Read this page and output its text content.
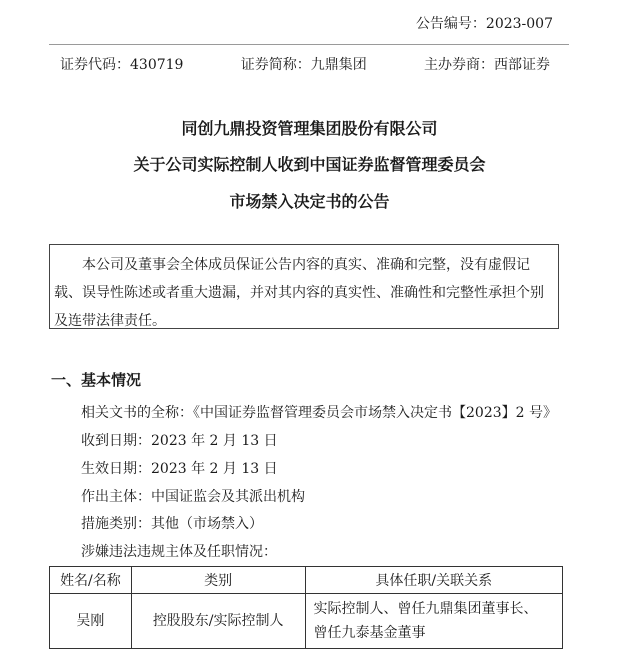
公告编号：2023-007
证券代码：430719	证券简称：九鼎集团	主办券商：西部证券
同创九鼎投资管理集团股份有限公司
关于公司实际控制人收到中国证券监督管理委员会
市场禁入决定书的公告
本公司及董事会全体成员保证公告内容的真实、准确和完整，没有虚假记载、误导性陈述或者重大遗漏，并对其内容的真实性、准确性和完整性承担个别及连带法律责任。
一、基本情况
相关文书的全称：《中国证券监督管理委员会市场禁入决定书【2023】2 号》
收到日期：2023 年 2 月 13 日
生效日期：2023 年 2 月 13 日
作出主体：中国证监会及其派出机构
措施类别：其他（市场禁入）
涉嫌违法违规主体及任职情况：
姓名/名称	类别	具体任职/关联关系
吴刚	控股股东/实际控制人	实际控制人、曾任九鼎集团董事长、
曾任九泰基金董事
